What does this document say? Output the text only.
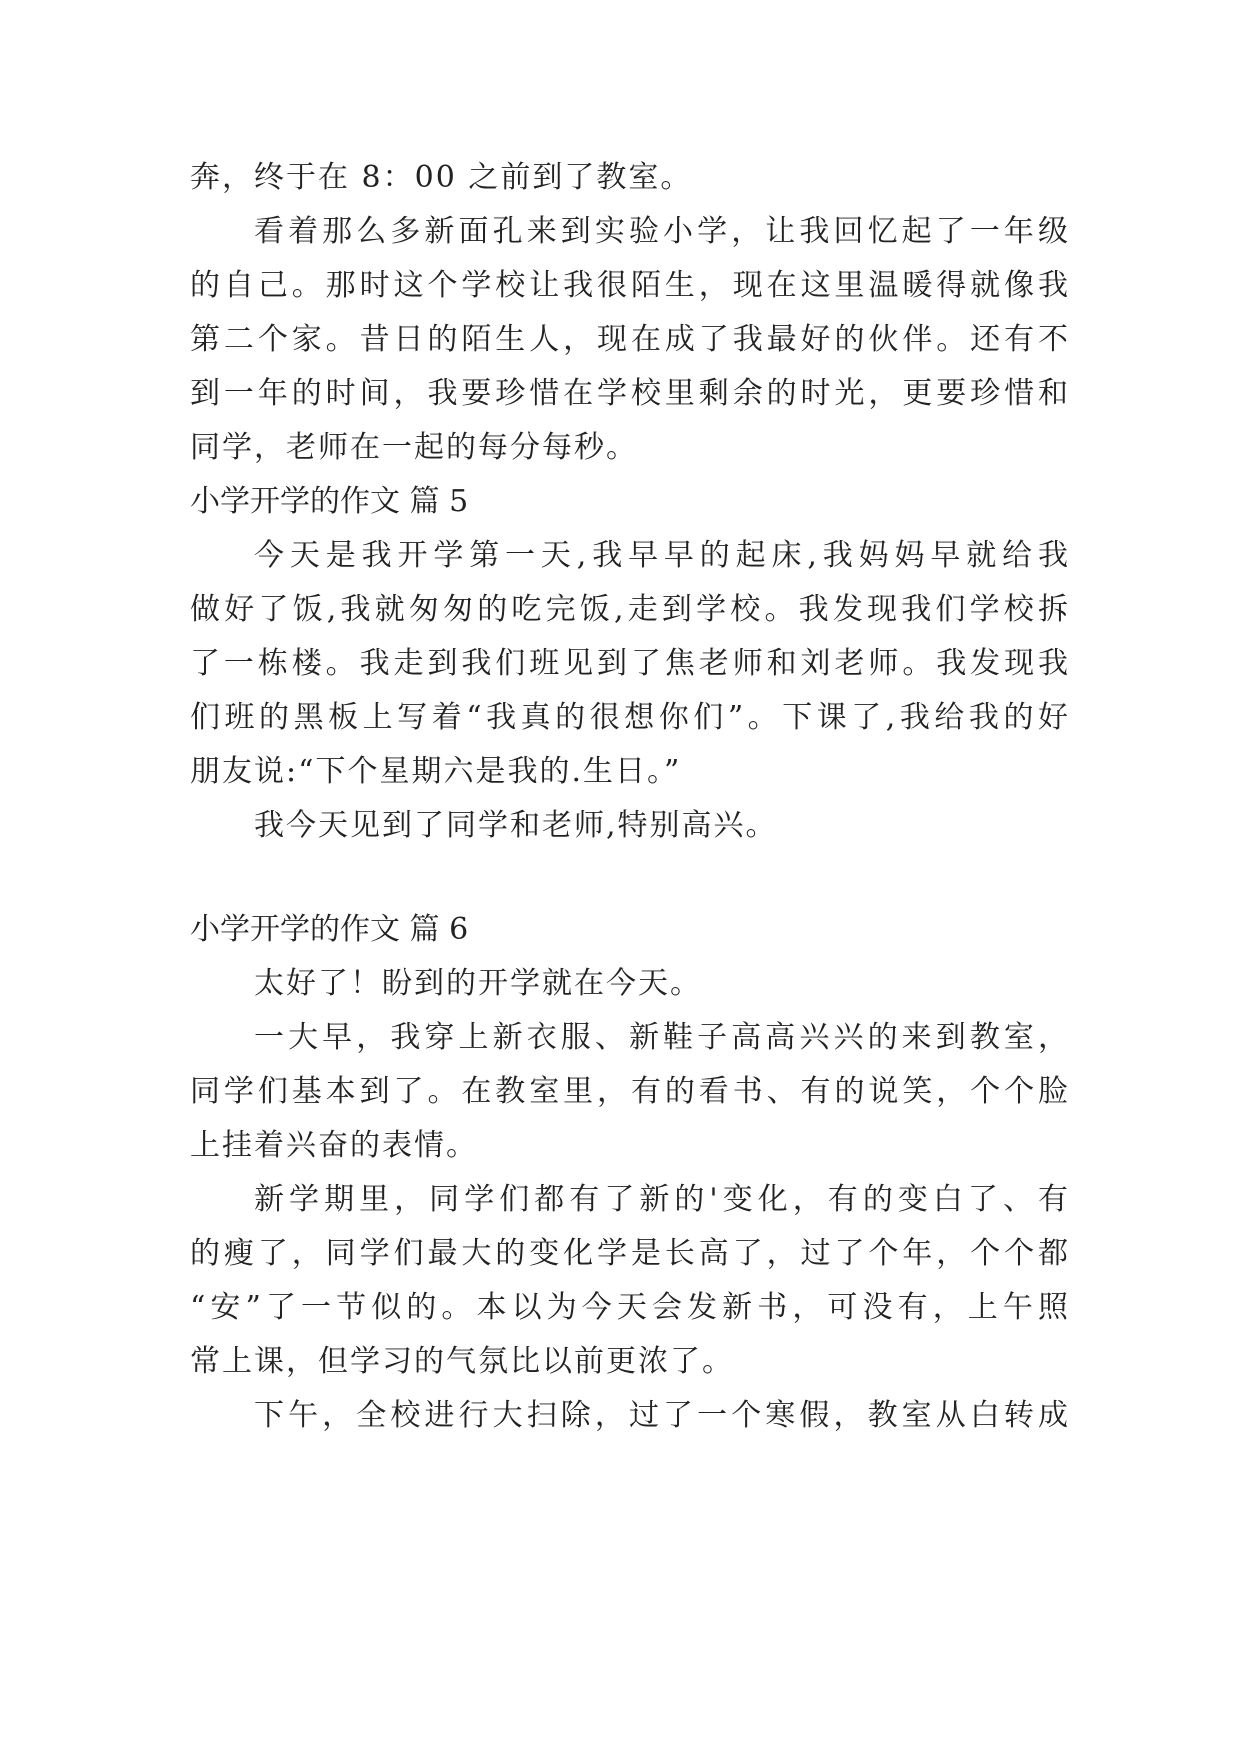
奔，终于在 8：00 之前到了教室。
看着那么多新面孔来到实验小学，让我回忆起了一年级
的自己。那时这个学校让我很陌生，现在这里温暖得就像我
第二个家。昔日的陌生人，现在成了我最好的伙伴。还有不
到一年的时间，我要珍惜在学校里剩余的时光，更要珍惜和
同学，老师在一起的每分每秒。
小学开学的作文 篇 5
今天是我开学第一天,我早早的起床,我妈妈早就给我
做好了饭,我就匆匆的吃完饭,走到学校。我发现我们学校拆
了一栋楼。我走到我们班见到了焦老师和刘老师。我发现我
们班的黑板上写着“我真的很想你们”。下课了,我给我的好
朋友说:“下个星期六是我的.生日。”
我今天见到了同学和老师,特别高兴。
小学开学的作文 篇 6
太好了！盼到的开学就在今天。
一大早，我穿上新衣服、新鞋子高高兴兴的来到教室，
同学们基本到了。在教室里，有的看书、有的说笑，个个脸
上挂着兴奋的表情。
新学期里，同学们都有了新的'变化，有的变白了、有
的瘦了，同学们最大的变化学是长高了，过了个年，个个都
“安”了一节似的。本以为今天会发新书，可没有，上午照
常上课，但学习的气氛比以前更浓了。
下午，全校进行大扫除，过了一个寒假，教室从白转成
